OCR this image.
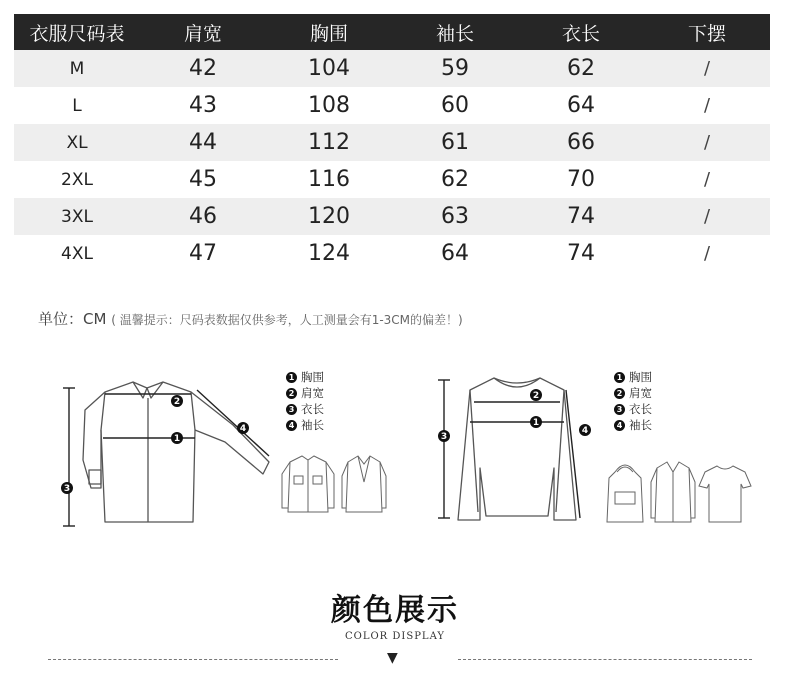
衣服尺码表	肩宽	胸围	袖长	衣长	下摆
M	42	104	59	62	/
L	43	108	60	64	/
XL	44	112	61	66	/
2XL	45	116	62	70	/
3XL	46	120	63	74	/
4XL	47	124	64	74	/
单位：CM ( 温馨提示：尺码表数据仅供参考，人工测量会有1-3CM的偏差！)
1
2
3
4
1 胸围
2 肩宽
3 衣长
4 袖长	1
2
3
4
1 胸围
2 肩宽
3 衣长
4 袖长
颜色展示
COLOR DISPLAY
▼
